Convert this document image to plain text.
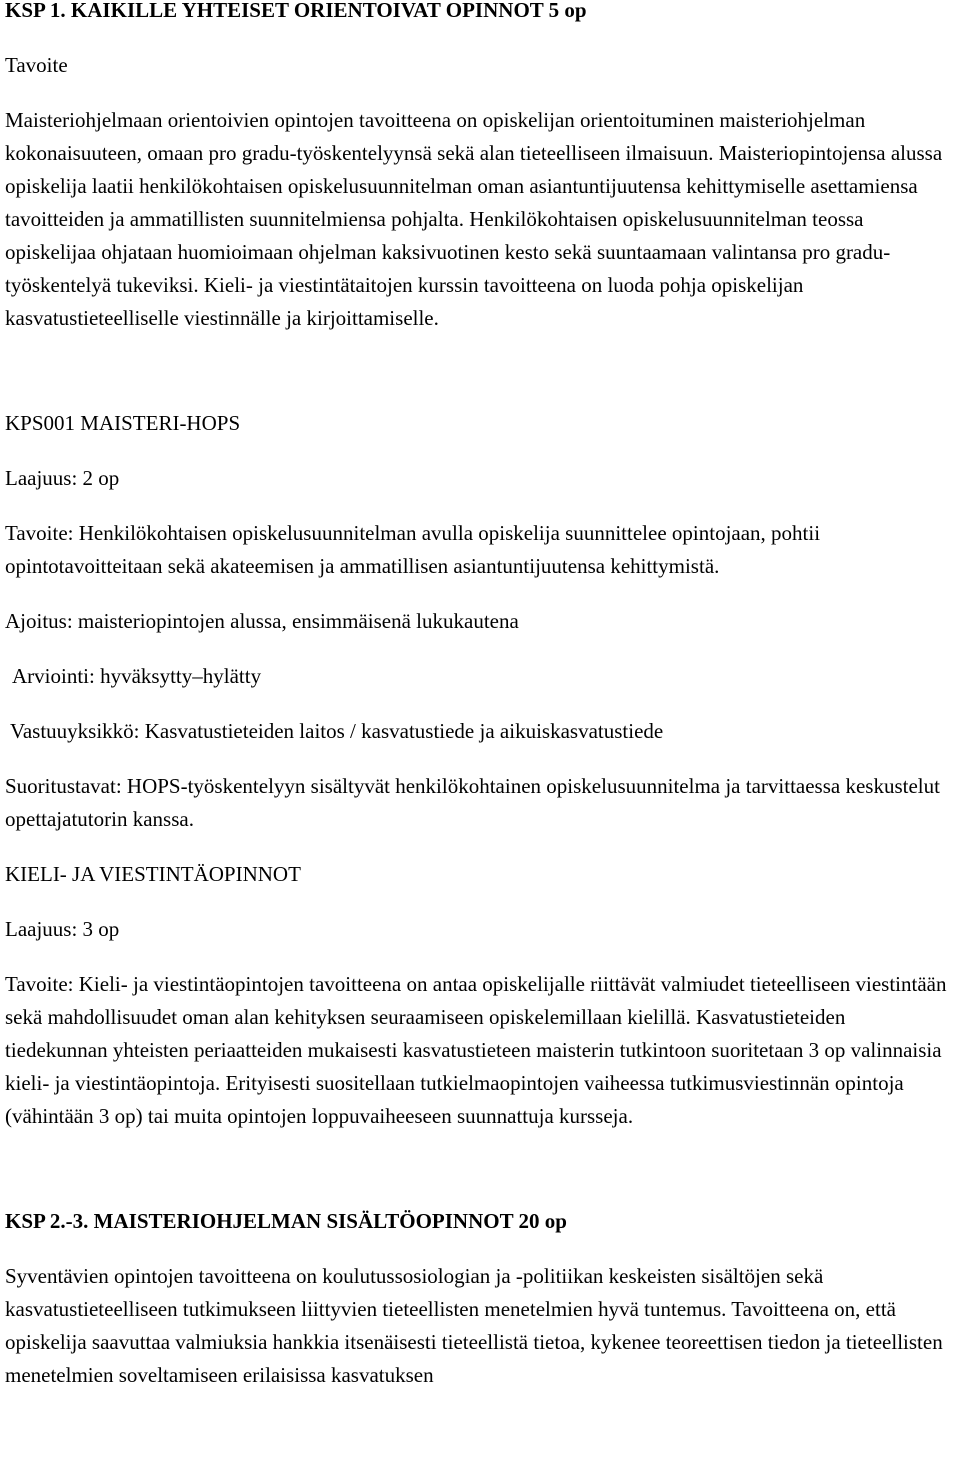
KSP 1. KAIKILLE YHTEISET ORIENTOIVAT OPINNOT 5 op

Tavoite

Maisteriohjelmaan orientoivien opintojen tavoitteena on opiskelijan orientoituminen maisteriohjelman kokonaisuuteen, omaan pro gradu-työskentelyynsä sekä alan tieteelliseen ilmaisuun. Maisteriopintojensa alussa opiskelija laatii henkilökohtaisen opiskelusuunnitelman oman asiantuntijuutensa kehittymiselle asettamiensa tavoitteiden ja ammatillisten suunnitelmiensa pohjalta. Henkilökohtaisen opiskelusuunnitelman teossa opiskelijaa ohjataan huomioimaan ohjelman kaksivuotinen kesto sekä suuntaamaan valintansa pro gradu-työskentelyä tukeviksi. Kieli- ja viestintätaitojen kurssin tavoitteena on luoda pohja opiskelijan kasvatustieteelliselle viestinnälle ja kirjoittamiselle.

KPS001 MAISTERI-HOPS

Laajuus: 2 op

Tavoite: Henkilökohtaisen opiskelusuunnitelman avulla opiskelija suunnittelee opintojaan, pohtii opintotavoitteitaan sekä akateemisen ja ammatillisen asiantuntijuutensa kehittymistä.

Ajoitus: maisteriopintojen alussa, ensimmäisenä lukukautena

Arviointi: hyväksytty–hylätty

Vastuuyksikkö: Kasvatustieteiden laitos / kasvatustiede ja aikuiskasvatustiede

Suoritustavat: HOPS-työskentelyyn sisältyvät henkilökohtainen opiskelusuunnitelma ja tarvittaessa keskustelut opettajatutorin kanssa.

KIELI- JA VIESTINTÄOPINNOT

Laajuus: 3 op

Tavoite: Kieli- ja viestintäopintojen tavoitteena on antaa opiskelijalle riittävät valmiudet tieteelliseen viestintään sekä mahdollisuudet oman alan kehityksen seuraamiseen opiskelemillaan kielillä. Kasvatustieteiden tiedekunnan yhteisten periaatteiden mukaisesti kasvatustieteen maisterin tutkintoon suoritetaan 3 op valinnaisia kieli- ja viestintäopintoja. Erityisesti suositellaan tutkielmaopintojen vaiheessa tutkimusviestinnän opintoja (vähintään 3 op) tai muita opintojen loppuvaiheeseen suunnattuja kursseja.

KSP 2.-3. MAISTERIOHJELMAN SISÄLTÖOPINNOT 20 op

Syventävien opintojen tavoitteena on koulutussosiologian ja -politiikan keskeisten sisältöjen sekä kasvatustieteelliseen tutkimukseen liittyvien tieteellisten menetelmien hyvä tuntemus. Tavoitteena on, että opiskelija saavuttaa valmiuksia hankkia itsenäisesti tieteellistä tietoa, kykenee teoreettisen tiedon ja tieteellisten menetelmien soveltamiseen erilaisissa kasvatuksen
